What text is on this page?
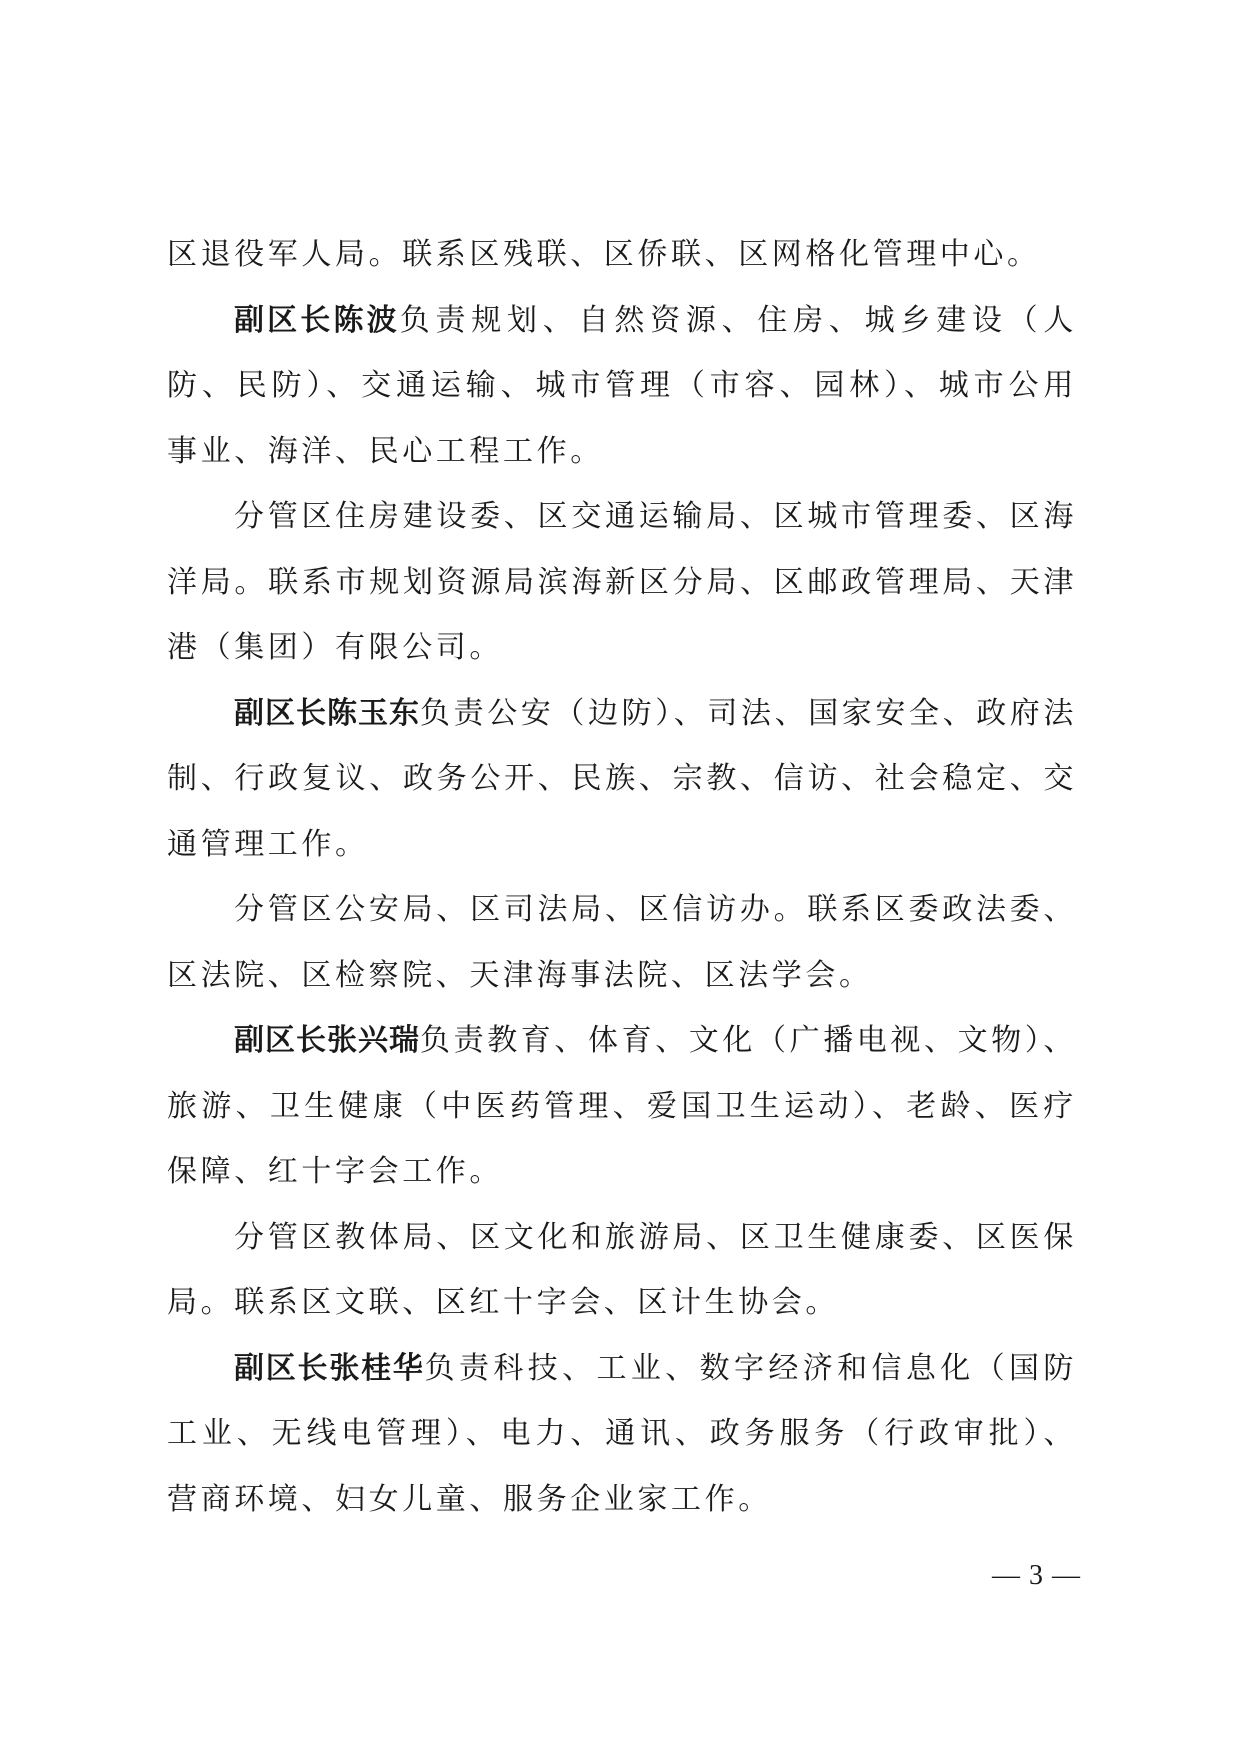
区退役军人局。联系区残联、区侨联、区网格化管理中心。

副区长陈波负责规划、自然资源、住房、城乡建设（人防、民防）、交通运输、城市管理（市容、园林）、城市公用事业、海洋、民心工程工作。

分管区住房建设委、区交通运输局、区城市管理委、区海洋局。联系市规划资源局滨海新区分局、区邮政管理局、天津港（集团）有限公司。

副区长陈玉东负责公安（边防）、司法、国家安全、政府法制、行政复议、政务公开、民族、宗教、信访、社会稳定、交通管理工作。

分管区公安局、区司法局、区信访办。联系区委政法委、区法院、区检察院、天津海事法院、区法学会。

副区长张兴瑞负责教育、体育、文化（广播电视、文物）、旅游、卫生健康（中医药管理、爱国卫生运动）、老龄、医疗保障、红十字会工作。

分管区教体局、区文化和旅游局、区卫生健康委、区医保局。联系区文联、区红十字会、区计生协会。

副区长张桂华负责科技、工业、数字经济和信息化（国防工业、无线电管理）、电力、通讯、政务服务（行政审批）、营商环境、妇女儿童、服务企业家工作。

— 3 —
